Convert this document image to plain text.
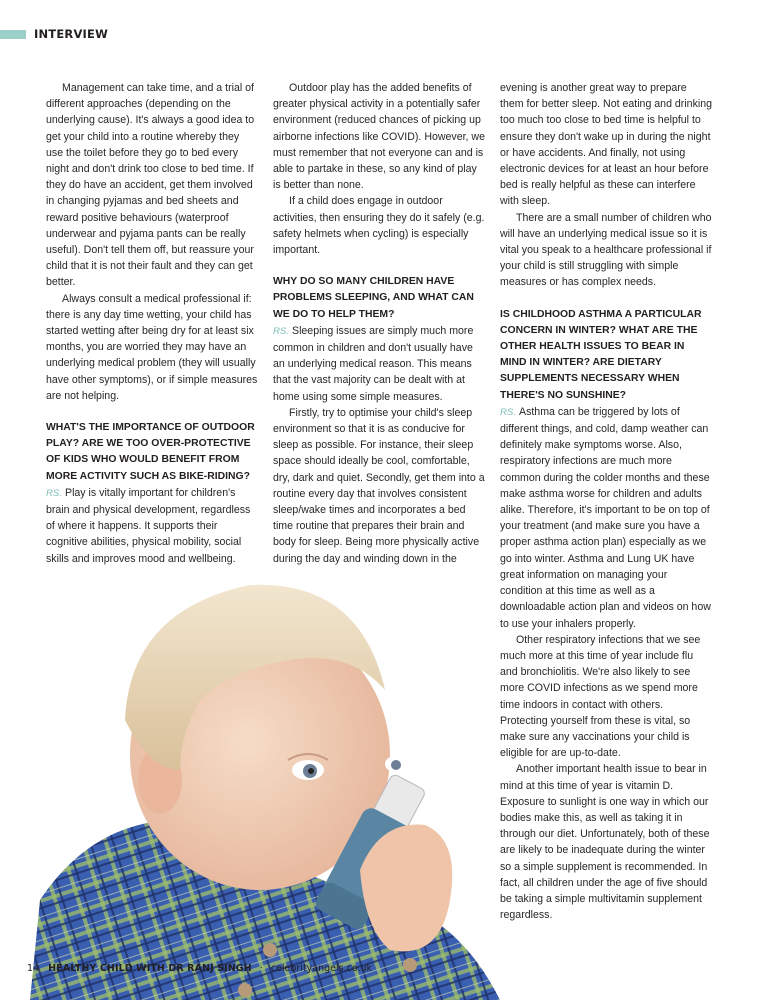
INTERVIEW

Management can take time, and a trial of different approaches (depending on the underlying cause). It's always a good idea to get your child into a routine whereby they use the toilet before they go to bed every night and don't drink too close to bed time. If they do have an accident, get them involved in changing pyjamas and bed sheets and reward positive behaviours (waterproof underwear and pyjama pants can be really useful). Don't tell them off, but reassure your child that it is not their fault and they can get better.

Always consult a medical professional if: there is any day time wetting, your child has started wetting after being dry for at least six months, you are worried they may have an underlying medical problem (they will usually have other symptoms), or if simple measures are not helping.

WHAT'S THE IMPORTANCE OF OUTDOOR PLAY? ARE WE TOO OVER-PROTECTIVE OF KIDS WHO WOULD BENEFIT FROM MORE ACTIVITY SUCH AS BIKE-RIDING?

RS. Play is vitally important for children's brain and physical development, regardless of where it happens. It supports their cognitive abilities, physical mobility, social skills and improves mood and wellbeing.

Outdoor play has the added benefits of greater physical activity in a potentially safer environment (reduced chances of picking up airborne infections like COVID). However, we must remember that not everyone can and is able to partake in these, so any kind of play is better than none.

If a child does engage in outdoor activities, then ensuring they do it safely (e.g. safety helmets when cycling) is especially important.

WHY DO SO MANY CHILDREN HAVE PROBLEMS SLEEPING, AND WHAT CAN WE DO TO HELP THEM?

RS. Sleeping issues are simply much more common in children and don't usually have an underlying medical reason. This means that the vast majority can be dealt with at home using some simple measures.

Firstly, try to optimise your child's sleep environment so that it is as conducive for sleep as possible. For instance, their sleep space should ideally be cool, comfortable, dry, dark and quiet. Secondly, get them into a routine every day that involves consistent sleep/wake times and incorporates a bed time routine that prepares their brain and body for sleep. Being more physically active during the day and winding down in the

evening is another great way to prepare them for better sleep. Not eating and drinking too much too close to bed time is helpful to ensure they don't wake up in during the night or have accidents. And finally, not using electronic devices for at least an hour before bed is really helpful as these can interfere with sleep.

There are a small number of children who will have an underlying medical issue so it is vital you speak to a healthcare professional if your child is still struggling with simple measures or has complex needs.

IS CHILDHOOD ASTHMA A PARTICULAR CONCERN IN WINTER? WHAT ARE THE OTHER HEALTH ISSUES TO BEAR IN MIND IN WINTER? ARE DIETARY SUPPLEMENTS NECESSARY WHEN THERE'S NO SUNSHINE?

RS. Asthma can be triggered by lots of different things, and cold, damp weather can definitely make symptoms worse. Also, respiratory infections are much more common during the colder months and these make asthma worse for children and adults alike. Therefore, it's important to be on top of your treatment (and make sure you have a proper asthma action plan) especially as we go into winter. Asthma and Lung UK have great information on managing your condition at this time as well as a downloadable action plan and videos on how to use your inhalers properly.

Other respiratory infections that we see much more at this time of year include flu and bronchiolitis. We're also likely to see more COVID infections as we spend more time indoors in contact with others. Protecting yourself from these is vital, so make sure any vaccinations your child is eligible for are up-to-date.

Another important health issue to bear in mind at this time of year is vitamin D. Exposure to sunlight is one way in which our bodies make this, as well as taking it in through our diet. Unfortunately, both of these are likely to be inadequate during the winter so a simple supplement is recommended. In fact, all children under the age of five should be taking a simple multivitamin supplement regardless.

14 HEALTHY CHILD WITH DR RANJ SINGH · celebrityangels.co.uk
